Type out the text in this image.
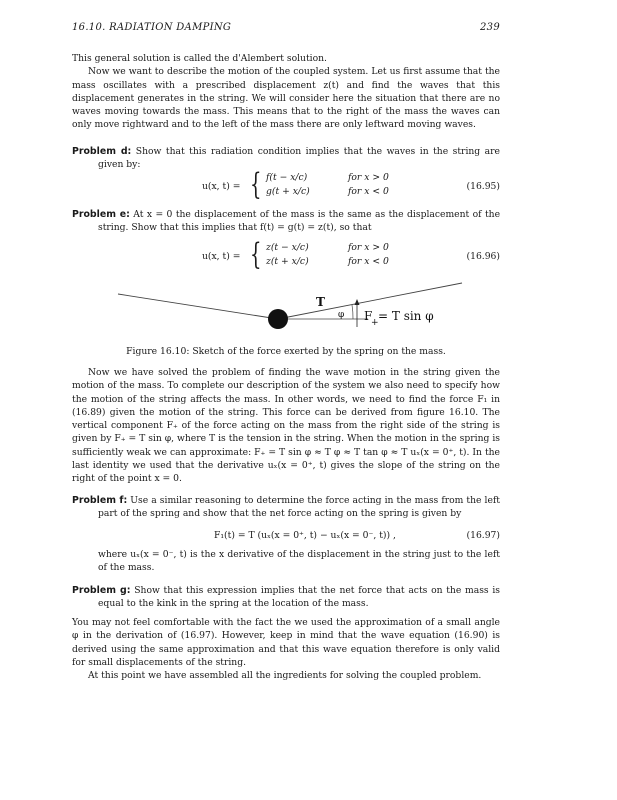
16.10. RADIATION DAMPING	239

This general solution is called the d'Alembert solution.

Now we want to describe the motion of the coupled system. Let us first assume that the mass oscillates with a prescribed displacement z(t) and find the waves that this displacement generates in the string. We will consider here the situation that there are no waves moving towards the mass. This means that to the right of the mass the waves can only move rightward and to the left of the mass there are only leftward moving waves.

Problem d: Show that this radiation condition implies that the waves in the string are given by:

u(x, t) = { f(t − x/c)	for x > 0
g(t + x/c)	for x < 0	(16.95)

Problem e: At x = 0 the displacement of the mass is the same as the displacement of the string. Show that this implies that f(t) = g(t) = z(t), so that

u(x, t) = { z(t − x/c)	for x > 0
z(t + x/c)	for x < 0	(16.96)
T
φ F
+ = T sin φ
Figure 16.10: Sketch of the force exerted by the spring on the mass.

Now we have solved the problem of finding the wave motion in the string given the motion of the mass. To complete our description of the system we also need to specify how the motion of the string affects the mass. In other words, we need to find the force F₁ in (16.89) given the motion of the string. This force can be derived from figure 16.10. The vertical component F₊ of the force acting on the mass from the right side of the string is given by F₊ = T sin φ, where T is the tension in the string. When the motion in the spring is sufficiently weak we can approximate: F₊ = T sin φ ≈ T φ ≈ T tan φ ≈ T uₓ(x = 0⁺, t). In the last identity we used that the derivative uₓ(x = 0⁺, t) gives the slope of the string on the right of the point x = 0.

Problem f: Use a similar reasoning to determine the force acting in the mass from the left part of the spring and show that the net force acting on the spring is given by

F₁(t) = T (uₓ(x = 0⁺, t) − uₓ(x = 0⁻, t)) ,	(16.97)

where uₓ(x = 0⁻, t) is the x derivative of the displacement in the string just to the left of the mass.

Problem g: Show that this expression implies that the net force that acts on the mass is equal to the kink in the spring at the location of the mass.

You may not feel comfortable with the fact the we used the approximation of a small angle φ in the derivation of (16.97). However, keep in mind that the wave equation (16.90) is derived using the same approximation and that this wave equation therefore is only valid for small displacements of the string.

At this point we have assembled all the ingredients for solving the coupled problem.
